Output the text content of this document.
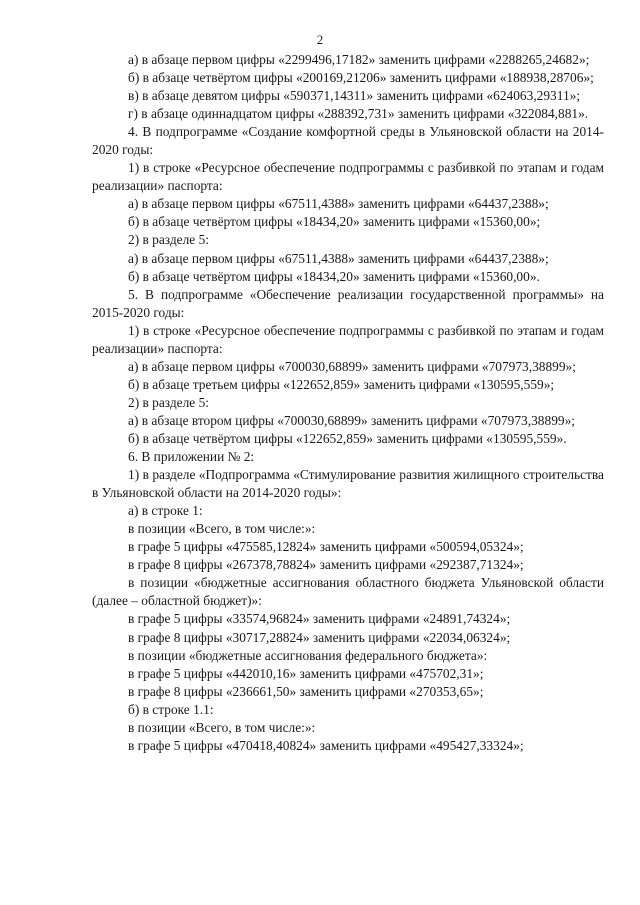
2

а) в абзаце первом цифры «2299496,17182» заменить цифрами «2288265,24682»;

б) в абзаце четвёртом цифры «200169,21206» заменить цифрами «188938,28706»;

в) в абзаце девятом цифры «590371,14311» заменить цифрами «624063,29311»;

г) в абзаце одиннадцатом цифры «288392,731» заменить цифрами «322084,881».

4. В подпрограмме «Создание комфортной среды в Ульяновской области на 2014-2020 годы:

1) в строке «Ресурсное обеспечение подпрограммы с разбивкой по этапам и годам реализации» паспорта:

а) в абзаце первом цифры «67511,4388» заменить цифрами «64437,2388»;

б) в абзаце четвёртом цифры «18434,20» заменить цифрами «15360,00»;

2) в разделе 5:

а) в абзаце первом цифры «67511,4388» заменить цифрами «64437,2388»;

б) в абзаце четвёртом цифры «18434,20» заменить цифрами «15360,00».

5. В подпрограмме «Обеспечение реализации государственной программы» на 2015-2020 годы:

1) в строке «Ресурсное обеспечение подпрограммы с разбивкой по этапам и годам реализации» паспорта:

а) в абзаце первом цифры «700030,68899» заменить цифрами «707973,38899»;

б) в абзаце третьем цифры «122652,859» заменить цифрами «130595,559»;

2) в разделе 5:

а) в абзаце втором цифры «700030,68899» заменить цифрами «707973,38899»;

б) в абзаце четвёртом цифры «122652,859» заменить цифрами «130595,559».

6. В приложении № 2:

1) в разделе «Подпрограмма «Стимулирование развития жилищного строительства в Ульяновской области на 2014-2020 годы»:

а) в строке 1:

в позиции «Всего, в том числе:»:

в графе 5 цифры «475585,12824» заменить цифрами «500594,05324»;

в графе 8 цифры «267378,78824» заменить цифрами «292387,71324»;

в позиции «бюджетные ассигнования областного бюджета Ульяновской области (далее – областной бюджет)»:

в графе 5 цифры «33574,96824» заменить цифрами «24891,74324»;

в графе 8 цифры «30717,28824» заменить цифрами «22034,06324»;

в позиции «бюджетные ассигнования федерального бюджета»:

в графе 5 цифры «442010,16» заменить цифрами «475702,31»;

в графе 8 цифры «236661,50» заменить цифрами «270353,65»;

б) в строке 1.1:

в позиции «Всего, в том числе:»:

в графе 5 цифры «470418,40824» заменить цифрами «495427,33324»;
